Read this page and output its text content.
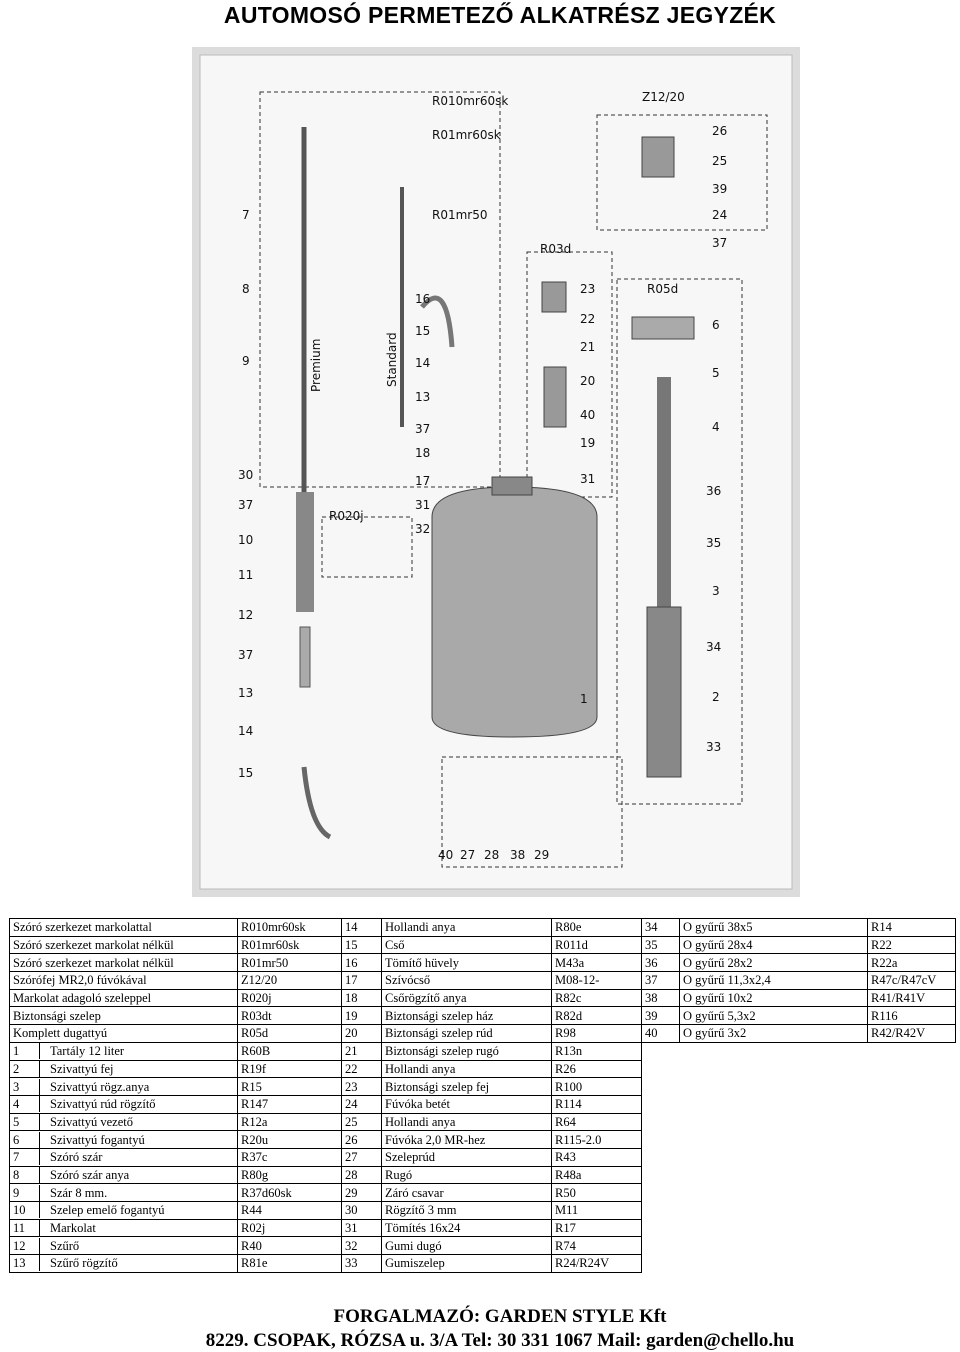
AUTOMOSÓ PERMETEZŐ ALKATRÉSZ JEGYZÉK
R010mr60sk
R01mr60sk
R01mr50
R03d
R05d
Z12/20
R020j
Premium	Standard
7
8
9
30
37
10
11
12
37
13
14
15
16
15
14
13
37
18
17
31
32
23
22
21
20
40
19
31
26
25
39
24
37
6
5
4
36
35
3
34
2
33
1
40 27 28 38 29
Szóró szerkezet markolattal	R010mr60sk	14	Hollandi anya	R80e	34	O gyűrű 38x5	R14
Szóró szerkezet markolat nélkül	R01mr60sk	15	Cső	R011d	35	O gyűrű 28x4	R22
Szóró szerkezet markolat nélkül	R01mr50	16	Tömítő hüvely	M43a	36	O gyűrű 28x2	R22a
Szórófej MR2,0 fúvókával	Z12/20	17	Szívócső	M08-12-	37	O gyűrű 11,3x2,4	R47c/R47cV
Markolat adagoló szeleppel	R020j	18	Csőrögzítő anya	R82c	38	O gyűrű 10x2	R41/R41V
Biztonsági szelep	R03dt	19	Biztonsági szelep ház	R82d	39	O gyűrű 5,3x2	R116
Komplett dugattyú	R05d	20	Biztonsági szelep rúd	R98	40	O gyűrű 3x2	R42/R42V
1 Tartály 12 liter	R60B	21	Biztonsági szelep rugó	R13n			
2 Szivattyú fej	R19f	22	Hollandi anya	R26			
3 Szivattyú rögz.anya	R15	23	Biztonsági szelep fej	R100			
4 Szivattyú rúd rögzítő	R147	24	Fúvóka betét	R114			
5 Szivattyú vezető	R12a	25	Hollandi anya	R64			
6 Szivattyú fogantyú	R20u	26	Fúvóka 2,0 MR-hez	R115-2.0			
7 Szóró szár	R37c	27	Szeleprúd	R43			
8 Szóró szár anya	R80g	28	Rugó	R48a			
9 Szár 8 mm.	R37d60sk	29	Záró csavar	R50			
10 Szelep emelő fogantyú	R44	30	Rögzítő 3 mm	M11			
11 Markolat	R02j	31	Tömítés 16x24	R17			
12 Szűrő	R40	32	Gumi dugó	R74			
13 Szűrő rögzítő	R81e	33	Gumiszelep	R24/R24V			
FORGALMAZÓ: GARDEN STYLE Kft
8229. CSOPAK, RÓZSA u. 3/A Tel: 30 331 1067 Mail: garden@chello.hu
